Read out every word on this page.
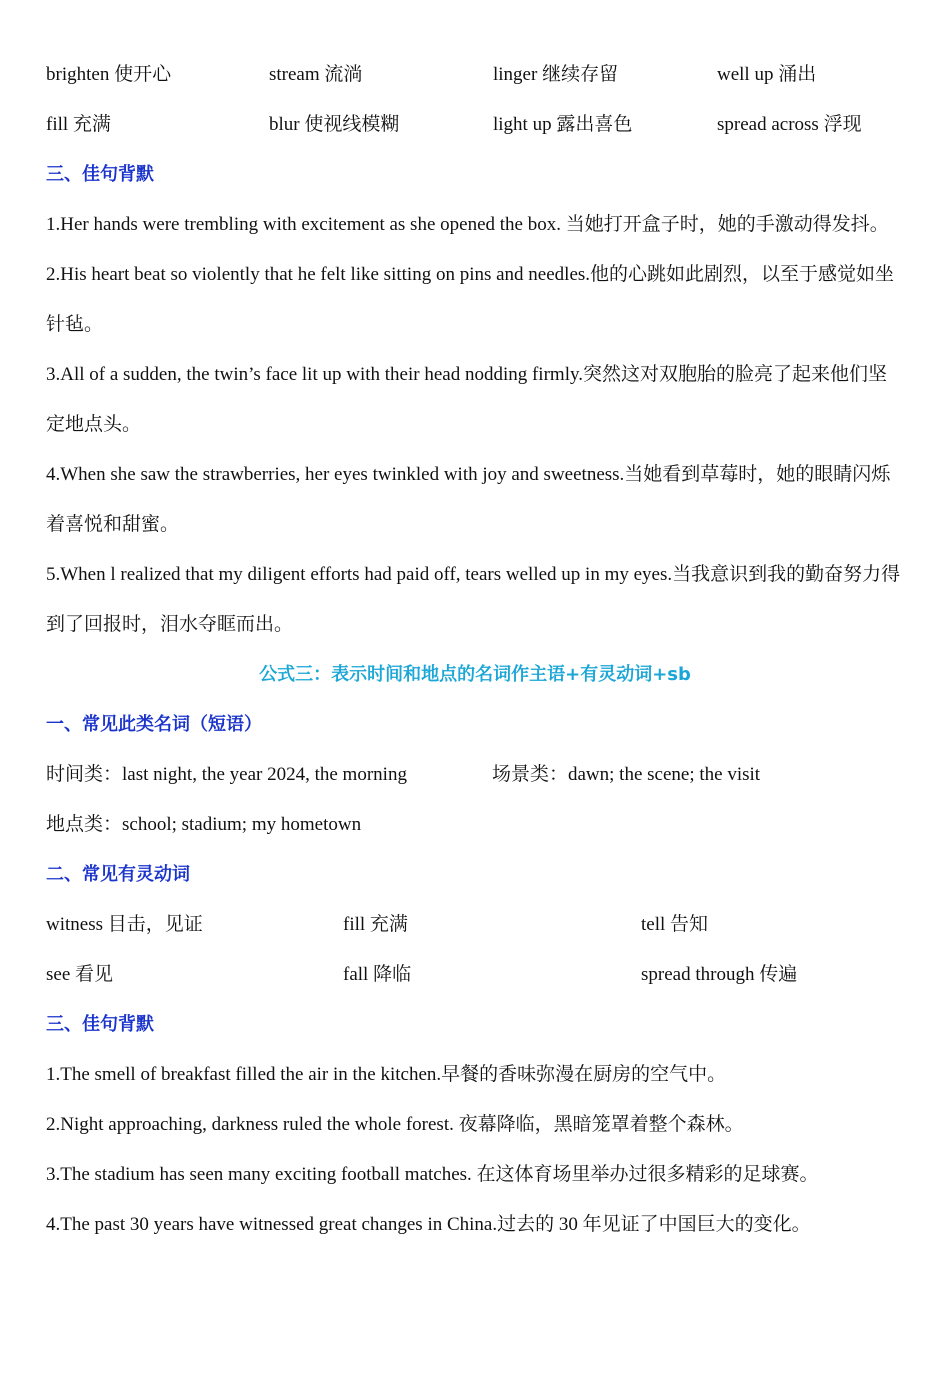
brighten 使开心	stream 流淌	linger 继续存留	well up 涌出
fill 充满	blur 使视线模糊	light up 露出喜色	spread across 浮现
三、佳句背默
1.Her hands were trembling with excitement as she opened the box. 当她打开盒子时，她的手激动得发抖。
2.His heart beat so violently that he felt like sitting on pins and needles.他的心跳如此剧烈，以至于感觉如坐针毡。
3.All of a sudden, the twin’s face lit up with their head nodding firmly.突然这对双胞胎的脸亮了起来他们坚定地点头。
4.When she saw the strawberries, her eyes twinkled with joy and sweetness.当她看到草莓时，她的眼睛闪烁着喜悦和甜蜜。
5.When l realized that my diligent efforts had paid off, tears welled up in my eyes.当我意识到我的勤奋努力得到了回报时，泪水夺眶而出。
公式三：表示时间和地点的名词作主语+有灵动词+sb
一、常见此类名词（短语）
时间类：last night, the year 2024, the morning	场景类：dawn; the scene; the visit
地点类：school; stadium; my hometown
二、常见有灵动词
witness 目击，见证	fill 充满	tell 告知
see 看见	fall 降临	spread through 传遍
三、佳句背默
1.The smell of breakfast filled the air in the kitchen.早餐的香味弥漫在厨房的空气中。
2.Night approaching, darkness ruled the whole forest. 夜幕降临，黑暗笼罩着整个森林。
3.The stadium has seen many exciting football matches. 在这体育场里举办过很多精彩的足球赛。
4.The past 30 years have witnessed great changes in China.过去的 30 年见证了中国巨大的变化。
